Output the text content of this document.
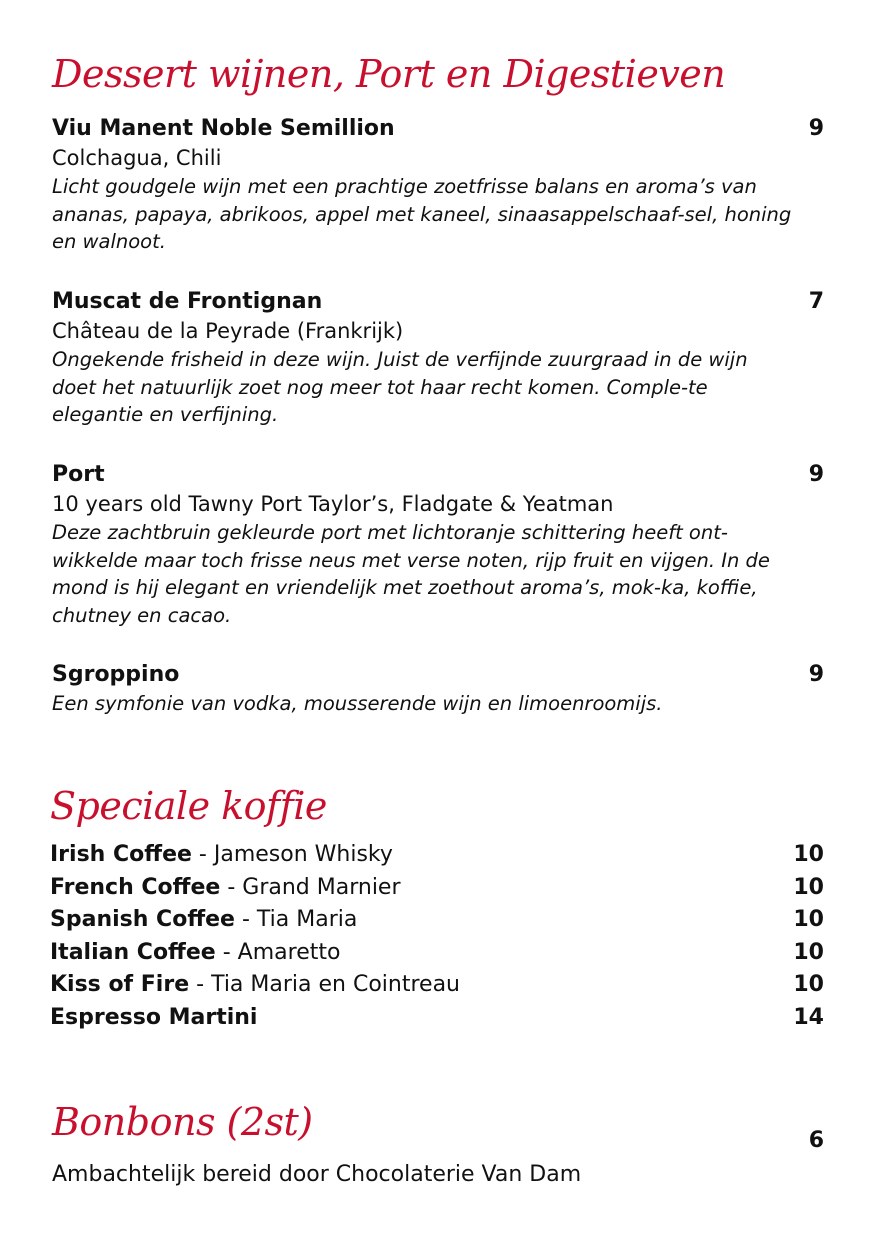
Dessert wijnen, Port en Digestieven
Viu Manent Noble Semillion	9
Colchagua, Chili
Licht goudgele wijn met een prachtige zoetfrisse balans en aroma’s van ananas, papaya, abrikoos, appel met kaneel, sinaasappelschaaf-sel, honing en walnoot.
Muscat de Frontignan	7
Château de la Peyrade (Frankrijk)
Ongekende frisheid in deze wijn. Juist de verfijnde zuurgraad in de wijn doet het natuurlijk zoet nog meer tot haar recht komen. Comple-te elegantie en verfijning.
Port	9
10 years old Tawny Port Taylor’s, Fladgate & Yeatman
Deze zachtbruin gekleurde port met lichtoranje schittering heeft ont-wikkelde maar toch frisse neus met verse noten, rijp fruit en vijgen. In de mond is hij elegant en vriendelijk met zoethout aroma’s, mok-ka, koffie, chutney en cacao.
Sgroppino	9
Een symfonie van vodka, mousserende wijn en limoenroomijs.
Speciale koffie
Irish Coffee - Jameson Whisky	10
French Coffee - Grand Marnier	10
Spanish Coffee - Tia Maria	10
Italian Coffee - Amaretto	10
Kiss of Fire - Tia Maria en Cointreau	10
Espresso Martini	14
Bonbons (2st)	6
Ambachtelijk bereid door Chocolaterie Van Dam
